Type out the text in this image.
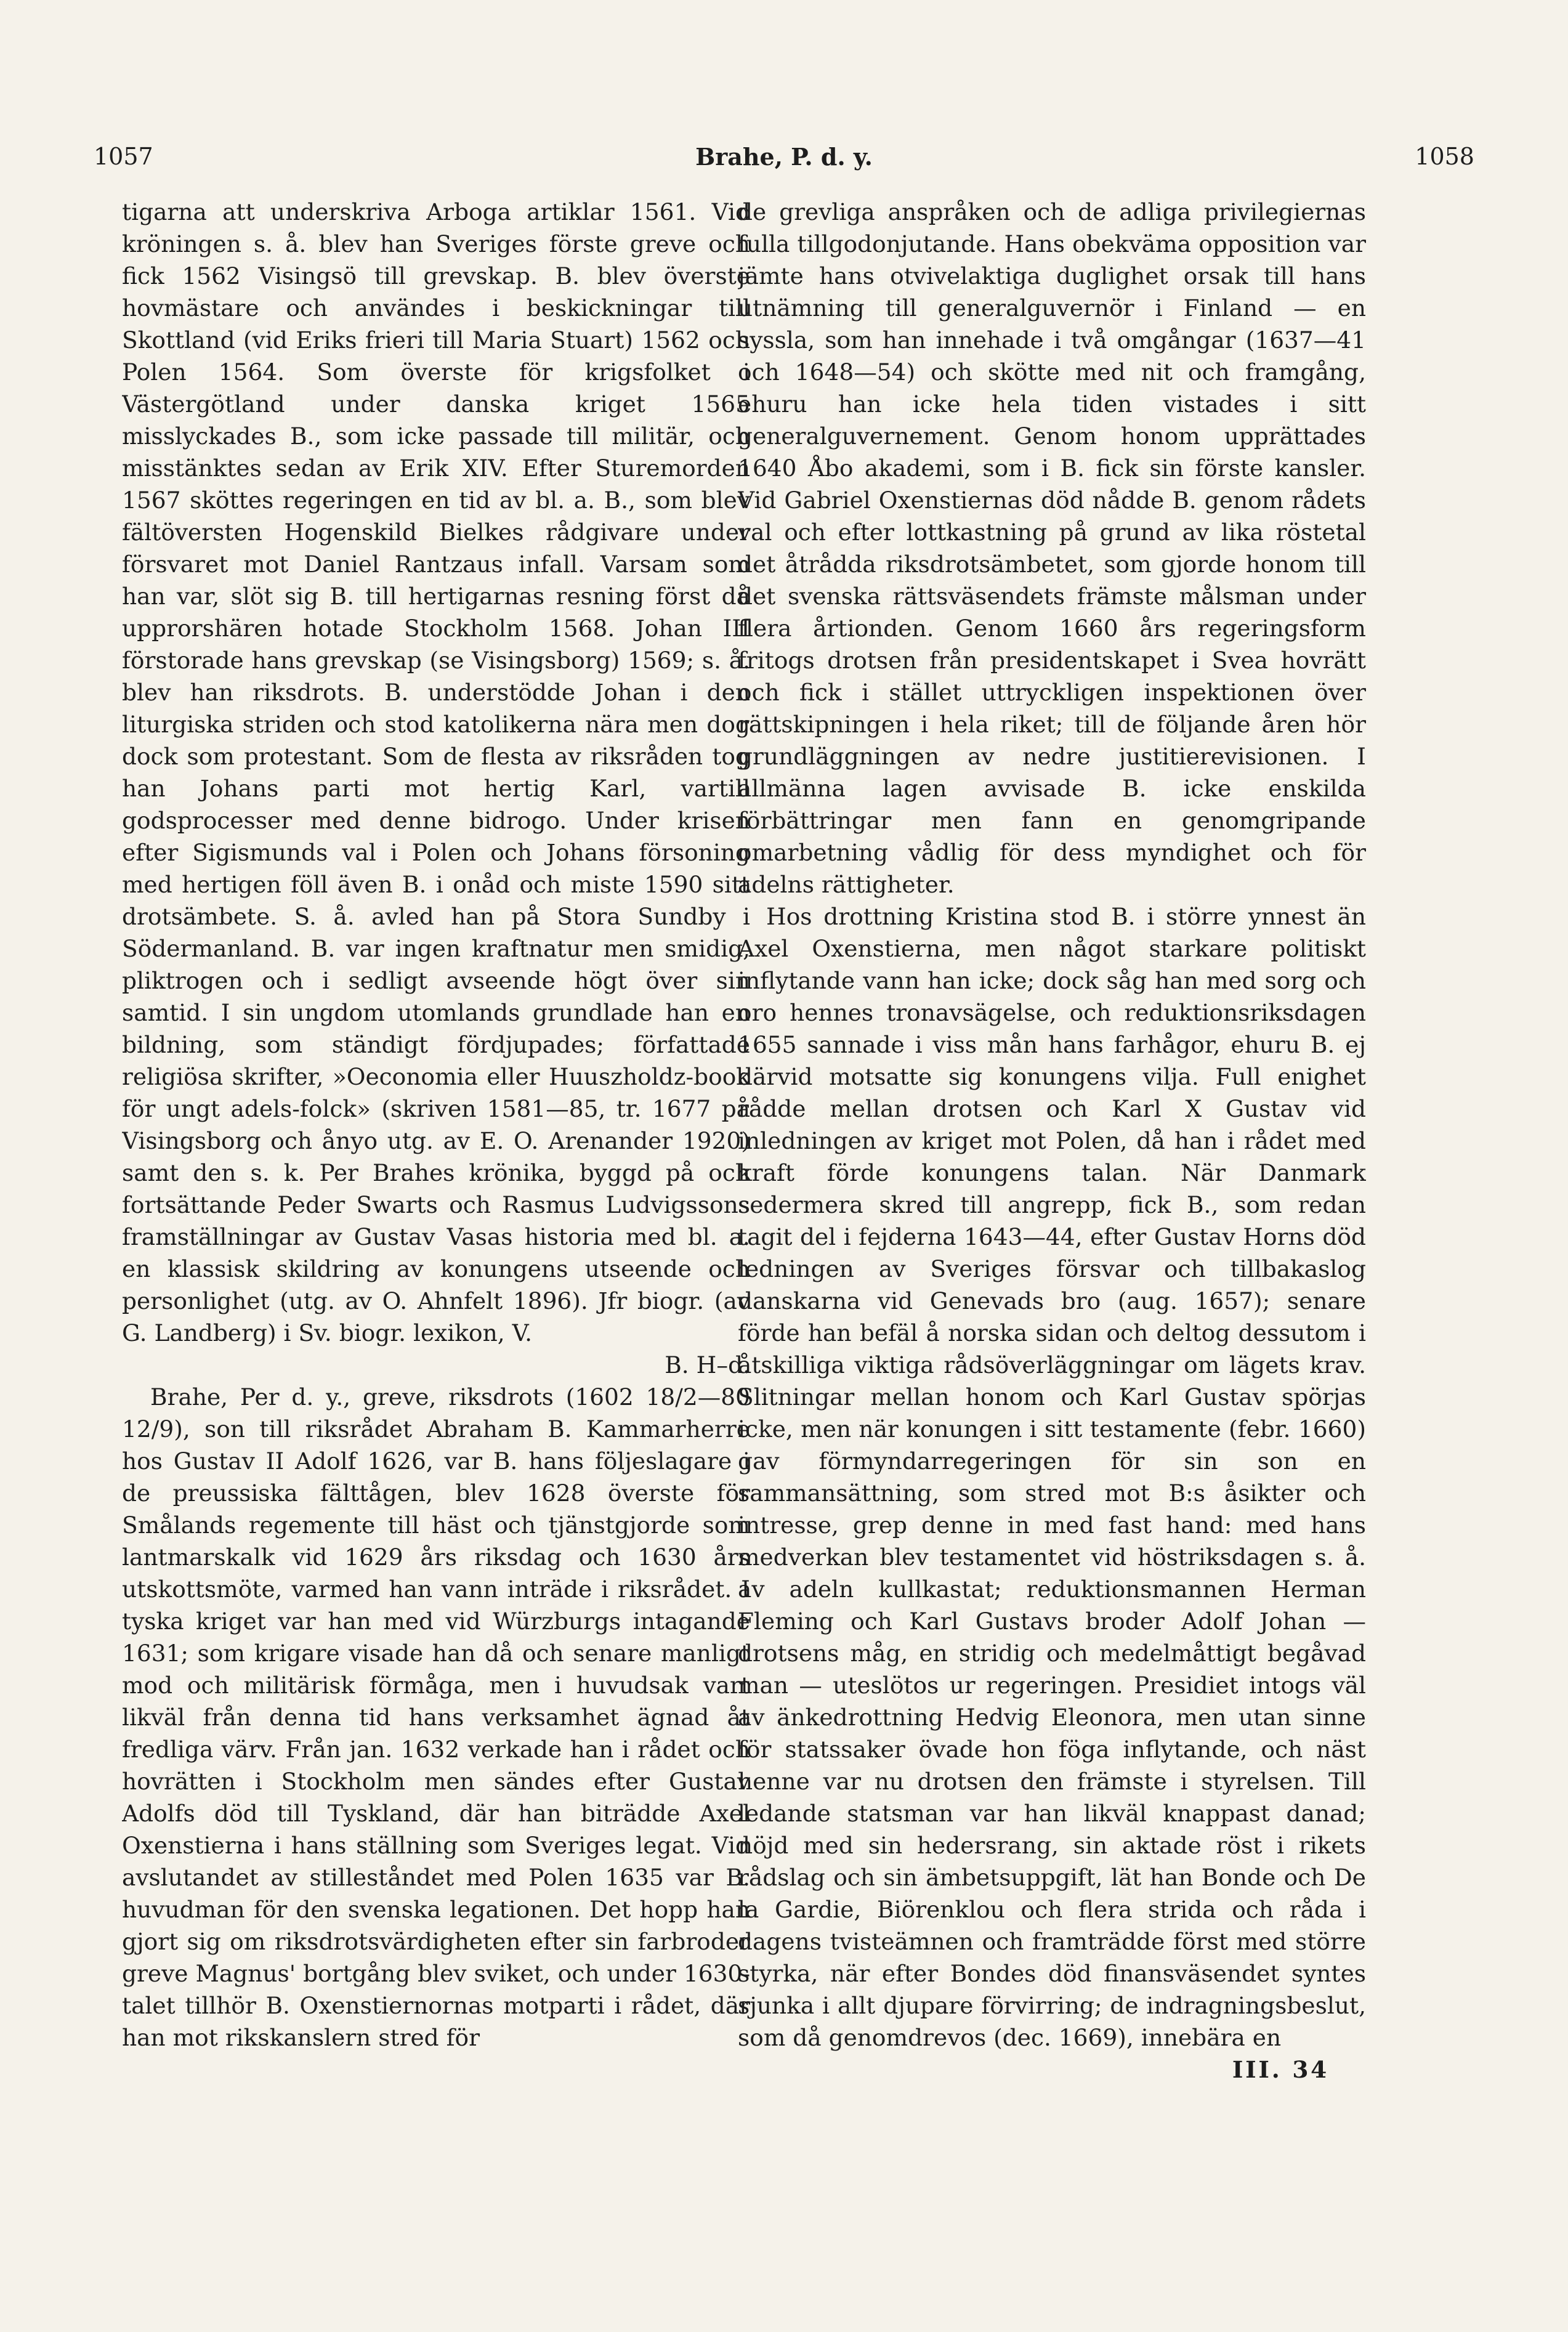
1057	Brahe, P. d. y.	1058

tigarna att underskriva Arboga artiklar 1561. Vid kröningen s. å. blev han Sveriges förste greve och fick 1562 Visingsö till grevskap. B. blev överste hovmästare och användes i beskickningar till Skottland (vid Eriks frieri till Maria Stuart) 1562 och Polen 1564. Som överste för krigsfolket i Västergötland under danska kriget 1565 misslyckades B., som icke passade till militär, och misstänktes sedan av Erik XIV. Efter Sturemorden 1567 sköttes regeringen en tid av bl. a. B., som blev fältöversten Hogenskild Bielkes rådgivare under försvaret mot Daniel Rantzaus infall. Varsam som han var, slöt sig B. till hertigarnas resning först då upprorshären hotade Stockholm 1568. Johan III förstorade hans grevskap (se Visingsborg) 1569; s. å. blev han riksdrots. B. understödde Johan i den liturgiska striden och stod katolikerna nära men dog dock som protestant. Som de flesta av riksråden tog han Johans parti mot hertig Karl, vartill godsprocesser med denne bidrogo. Under krisen efter Sigismunds val i Polen och Johans försoning med hertigen föll även B. i onåd och miste 1590 sitt drotsämbete. S. å. avled han på Stora Sundby i Södermanland. B. var ingen kraftnatur men smidig, pliktrogen och i sedligt avseende högt över sin samtid. I sin ungdom utomlands grundlade han en bildning, som ständigt fördjupades; författade religiösa skrifter, »Oeconomia eller Huuszholdz-book för ungt adels-folck» (skriven 1581—85, tr. 1677 på Visingsborg och ånyo utg. av E. O. Arenander 1920) samt den s. k. Per Brahes krönika, byggd på och fortsättande Peder Swarts och Rasmus Ludvigssons framställningar av Gustav Vasas historia med bl. a. en klassisk skildring av konungens utseende och personlighet (utg. av O. Ahnfelt 1896). Jfr biogr. (av G. Landberg) i Sv. biogr. lexikon, V.

B. H–d.

Brahe, Per d. y., greve, riksdrots (1602 18/2—80 12/9), son till riksrådet Abraham B. Kammarherre hos Gustav II Adolf 1626, var B. hans följeslagare i de preussiska fälttågen, blev 1628 överste för Smålands regemente till häst och tjänstgjorde som lantmarskalk vid 1629 års riksdag och 1630 års utskottsmöte, varmed han vann inträde i riksrådet. I tyska kriget var han med vid Würzburgs intagande 1631; som krigare visade han då och senare manligt mod och militärisk förmåga, men i huvudsak vart likväl från denna tid hans verksamhet ägnad åt fredliga värv. Från jan. 1632 verkade han i rådet och hovrätten i Stockholm men sändes efter Gustav Adolfs död till Tyskland, där han biträdde Axel Oxenstierna i hans ställning som Sveriges legat. Vid avslutandet av stilleståndet med Polen 1635 var B. huvudman för den svenska legationen. Det hopp han gjort sig om riksdrotsvärdigheten efter sin farbroder greve Magnus' bortgång blev sviket, och under 1630-talet tillhör B. Oxenstiernornas motparti i rådet, där han mot rikskanslern stred för

de grevliga anspråken och de adliga privilegiernas fulla tillgodonjutande. Hans obekväma opposition var jämte hans otvivelaktiga duglighet orsak till hans utnämning till generalguvernör i Finland — en syssla, som han innehade i två omgångar (1637—41 och 1648—54) och skötte med nit och framgång, ehuru han icke hela tiden vistades i sitt generalguvernement. Genom honom upprättades 1640 Åbo akademi, som i B. fick sin förste kansler. Vid Gabriel Oxenstiernas död nådde B. genom rådets val och efter lottkastning på grund av lika röstetal det åtrådda riksdrotsämbetet, som gjorde honom till det svenska rättsväsendets främste målsman under flera årtionden. Genom 1660 års regeringsform fritogs drotsen från presidentskapet i Svea hovrätt och fick i stället uttryckligen inspektionen över rättskipningen i hela riket; till de följande åren hör grundläggningen av nedre justitierevisionen. I allmänna lagen avvisade B. icke enskilda förbättringar men fann en genomgripande omarbetning vådlig för dess myndighet och för adelns rättigheter.

Hos drottning Kristina stod B. i större ynnest än Axel Oxenstierna, men något starkare politiskt inflytande vann han icke; dock såg han med sorg och oro hennes tronavsägelse, och reduktionsriksdagen 1655 sannade i viss mån hans farhågor, ehuru B. ej därvid motsatte sig konungens vilja. Full enighet rådde mellan drotsen och Karl X Gustav vid inledningen av kriget mot Polen, då han i rådet med kraft förde konungens talan. När Danmark sedermera skred till angrepp, fick B., som redan tagit del i fejderna 1643—44, efter Gustav Horns död ledningen av Sveriges försvar och tillbakaslog danskarna vid Genevads bro (aug. 1657); senare förde han befäl å norska sidan och deltog dessutom i åtskilliga viktiga rådsöverläggningar om lägets krav. Slitningar mellan honom och Karl Gustav spörjas icke, men när konungen i sitt testamente (febr. 1660) gav förmyndarregeringen för sin son en sammansättning, som stred mot B:s åsikter och intresse, grep denne in med fast hand: med hans medverkan blev testamentet vid höstriksdagen s. å. av adeln kullkastat; reduktionsmannen Herman Fleming och Karl Gustavs broder Adolf Johan — drotsens måg, en stridig och medelmåttigt begåvad man — uteslötos ur regeringen. Presidiet intogs väl av änkedrottning Hedvig Eleonora, men utan sinne för statssaker övade hon föga inflytande, och näst henne var nu drotsen den främste i styrelsen. Till ledande statsman var han likväl knappast danad; nöjd med sin hedersrang, sin aktade röst i rikets rådslag och sin ämbetsuppgift, lät han Bonde och De la Gardie, Biörenklou och flera strida och råda i dagens tvisteämnen och framträdde först med större styrka, när efter Bondes död finansväsendet syntes sjunka i allt djupare förvirring; de indragningsbeslut, som då genomdrevos (dec. 1669), innebära en

III. 34
